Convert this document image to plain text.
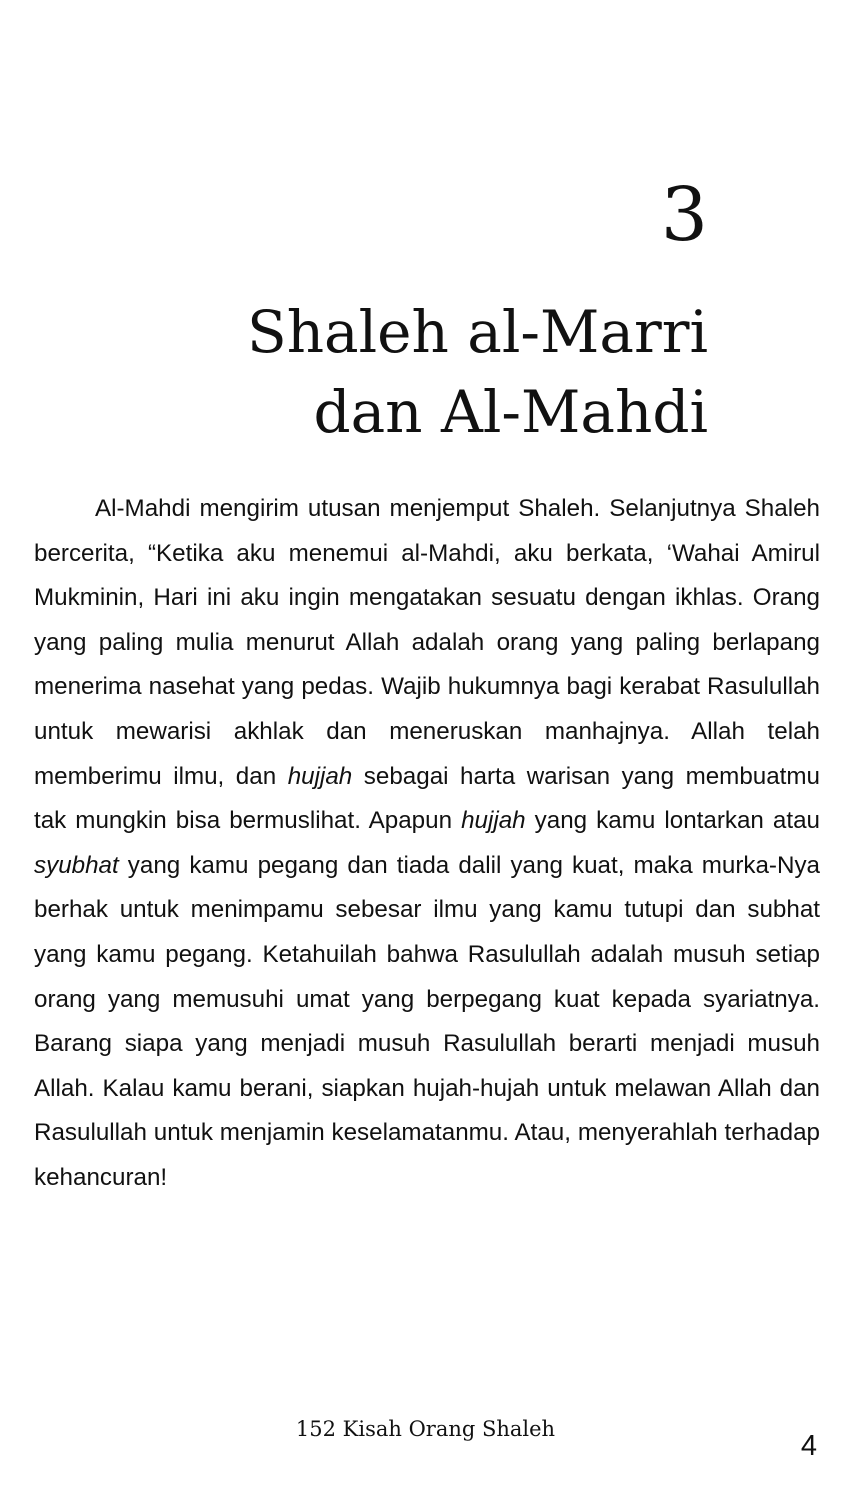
3
Shaleh al-Marri
dan Al-Mahdi

Al-Mahdi mengirim utusan menjemput Shaleh. Selanjutnya Shaleh bercerita, “Ketika aku menemui al-Mahdi, aku berkata, ‘Wahai Amirul Mukminin, Hari ini aku ingin mengatakan sesuatu dengan ikhlas. Orang yang paling mulia menurut Allah adalah orang yang paling berlapang menerima nasehat yang pedas. Wajib hukumnya bagi kerabat Rasulullah untuk mewarisi akhlak dan meneruskan manhajnya. Allah telah memberimu ilmu, dan hujjah sebagai harta warisan yang membuatmu tak mungkin bisa bermuslihat. Apapun hujjah yang kamu lontarkan atau syubhat yang kamu pegang dan tiada dalil yang kuat, maka murka-Nya berhak untuk menimpamu sebesar ilmu yang kamu tutupi dan subhat yang kamu pegang. Ketahuilah bahwa Rasulullah adalah musuh setiap orang yang memusuhi umat yang berpegang kuat kepada syariatnya. Barang siapa yang menjadi musuh Rasulullah berarti menjadi musuh Allah. Kalau kamu berani, siapkan hujah-hujah untuk melawan Allah dan Rasulullah untuk menjamin keselamatanmu. Atau, menyerahlah terhadap kehancuran!

152 Kisah Orang Shaleh
4
